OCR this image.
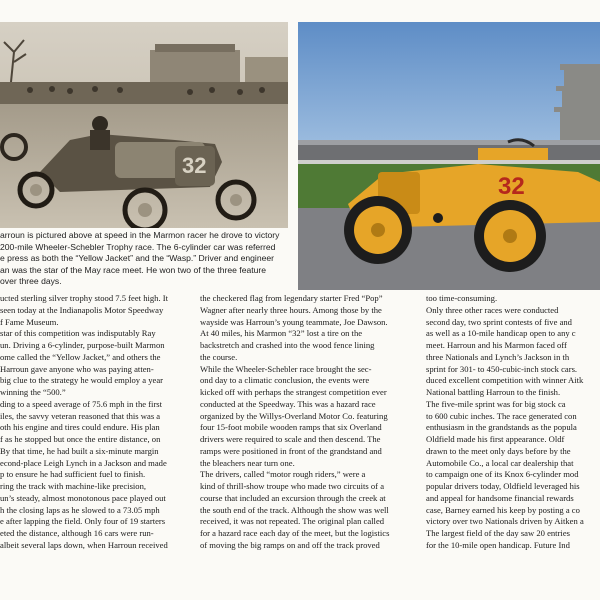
32
32
arroun is pictured above at speed in the Marmon racer he drove to victory
200-mile Wheeler-Schebler Trophy race. The 6-cylinder car was referred
e press as both the “Yellow Jacket” and the “Wasp.” Driver and engineer
an was the star of the May race meet. He won two of the three feature
over three days.
ucted sterling silver trophy stood 7.5 feet high. It
seen today at the Indianapolis Motor Speedway
f Fame Museum.
star of this competition was indisputably Ray
un. Driving a 6-cylinder, purpose-built Marmon
ome called the “Yellow Jacket,” and others the
Harroun gave anyone who was paying atten-
big clue to the strategy he would employ a year
winning the “500.”
ding to a speed average of 75.6 mph in the first
iles, the savvy veteran reasoned that this was a
oth his engine and tires could endure. His plan
f as he stopped but once the entire distance, on
By that time, he had built a six-minute margin
econd-place Leigh Lynch in a Jackson and made
p to ensure he had sufficient fuel to finish.
ring the track with machine-like precision,
un’s steady, almost monotonous pace played out
h the closing laps as he slowed to a 73.05 mph
e after lapping the field. Only four of 19 starters
eted the distance, although 16 cars were run-
albeit several laps down, when Harroun received
the checkered flag from legendary starter Fred “Pop”
Wagner after nearly three hours. Among those by the
wayside was Harroun’s young teammate, Joe Dawson.
At 40 miles, his Marmon “32” lost a tire on the
backstretch and crashed into the wood fence lining
the course.
While the Wheeler-Schebler race brought the sec-
ond day to a climatic conclusion, the events were
kicked off with perhaps the strangest competition ever
conducted at the Speedway. This was a hazard race
organized by the Willys-Overland Motor Co. featuring
four 15-foot mobile wooden ramps that six Overland
drivers were required to scale and then descend. The
ramps were positioned in front of the grandstand and
the bleachers near turn one.
The drivers, called “motor rough riders,” were a
kind of thrill-show troupe who made two circuits of a
course that included an excursion through the creek at
the south end of the track. Although the show was well
received, it was not repeated. The original plan called
for a hazard race each day of the meet, but the logistics
of moving the big ramps on and off the track proved
too time-consuming.
Only three other races were conducted
second day, two sprint contests of five and
as well as a 10-mile handicap open to any c
meet. Harroun and his Marmon faced off
three Nationals and Lynch’s Jackson in th
sprint for 301- to 450-cubic-inch stock cars.
duced excellent competition with winner Aitk
National battling Harroun to the finish.
The five-mile sprint was for big stock ca
to 600 cubic inches. The race generated con
enthusiasm in the grandstands as the popula
Oldfield made his first appearance. Oldf
drawn to the meet only days before by the
Automobile Co., a local car dealership that
to campaign one of its Knox 6-cylinder mod
popular drivers today, Oldfield leveraged his
and appeal for handsome financial rewards
case, Barney earned his keep by posting a co
victory over two Nationals driven by Aitken a
The largest field of the day saw 20 entries
for the 10-mile open handicap. Future Ind
